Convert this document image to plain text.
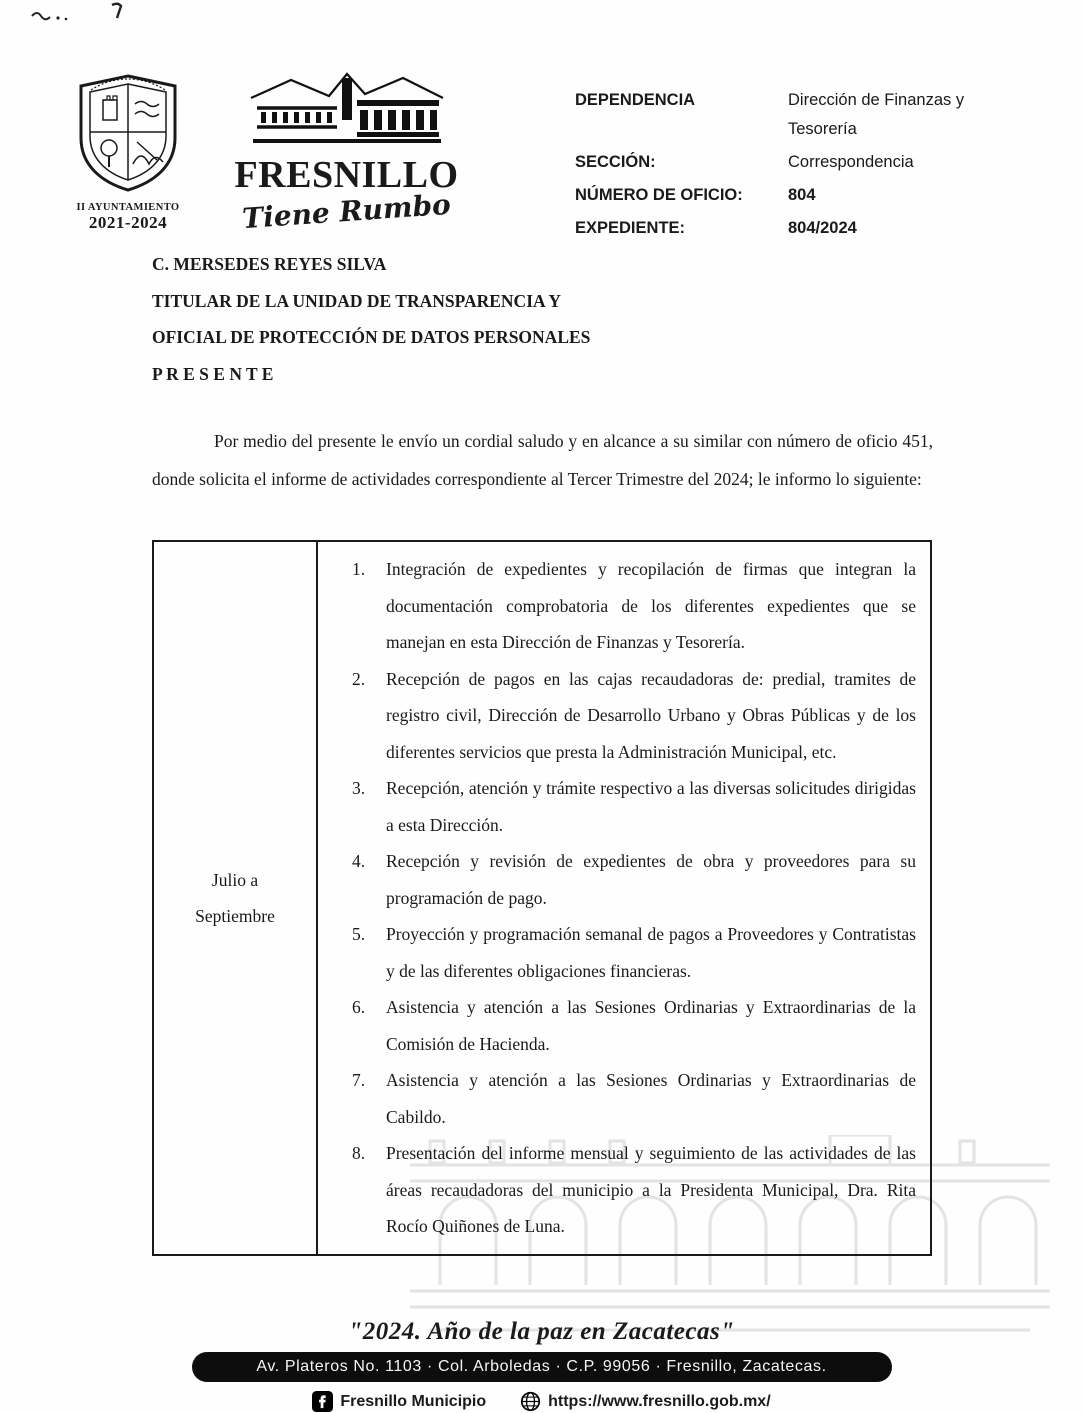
II AYUNTAMIENTO
2021-2024
FRESNILLO
Tiene Rumbo
DEPENDENCIA	Dirección de Finanzas y Tesorería
SECCIÓN:	Correspondencia
NÚMERO DE OFICIO:	804
EXPEDIENTE:	804/2024
C. MERSEDES REYES SILVA
TITULAR DE LA UNIDAD DE TRANSPARENCIA Y
OFICIAL DE PROTECCIÓN DE DATOS PERSONALES
P R E S E N T E

Por medio del presente le envío un cordial saludo y en alcance a su similar con número de oficio 451, donde solicita el informe de actividades correspondiente al Tercer Trimestre del 2024; le informo lo siguiente:

Julio a
Septiembre
1.	Integración de expedientes y recopilación de firmas que integran la documentación comprobatoria de los diferentes expedientes que se manejan en esta Dirección de Finanzas y Tesorería.
2.	Recepción de pagos en las cajas recaudadoras de: predial, tramites de registro civil, Dirección de Desarrollo Urbano y Obras Públicas y de los diferentes servicios que presta la Administración Municipal, etc.
3.	Recepción, atención y trámite respectivo a las diversas solicitudes dirigidas a esta Dirección.
4.	Recepción y revisión de expedientes de obra y proveedores para su programación de pago.
5.	Proyección y programación semanal de pagos a Proveedores y Contratistas y de las diferentes obligaciones financieras.
6.	Asistencia y atención a las Sesiones Ordinarias y Extraordinarias de la Comisión de Hacienda.
7.	Asistencia y atención a las Sesiones Ordinarias y Extraordinarias de Cabildo.
8.	Presentación del informe mensual y seguimiento de las actividades de las áreas recaudadoras del municipio a la Presidenta Municipal, Dra. Rita Rocío Quiñones de Luna.
"2024. Año de la paz en Zacatecas"
Av. Plateros No. 1103 · Col. Arboledas · C.P. 99056 · Fresnillo, Zacatecas.
Fresnillo Municipio	https://www.fresnillo.gob.mx/
